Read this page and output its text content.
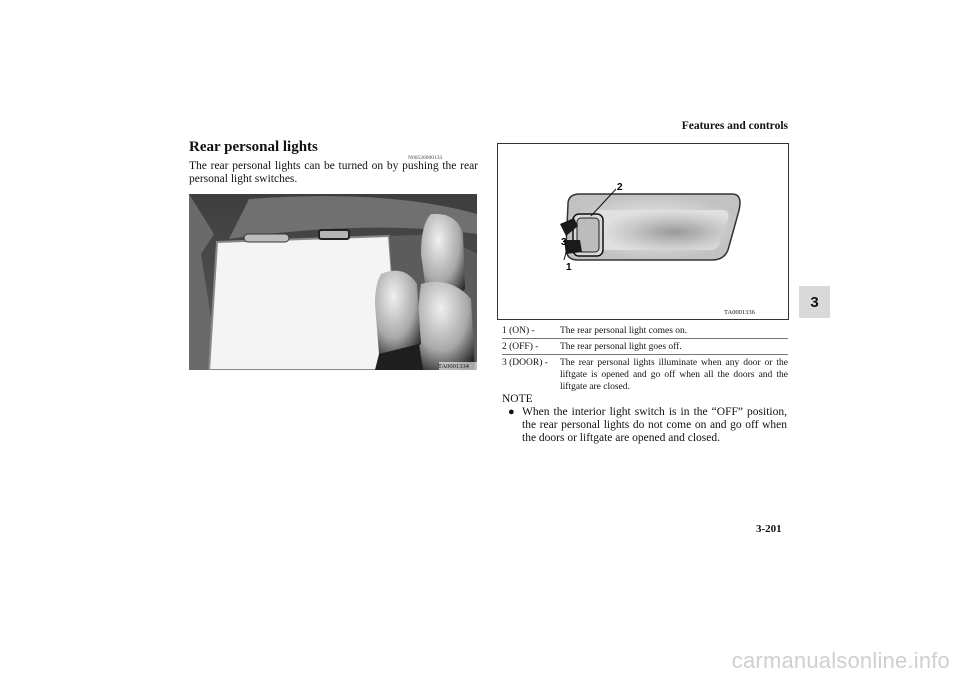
Features and controls
3
Rear personal lights
N00526000133
The rear personal lights can be turned on by pushing the rear personal light switches.
TA0001334
2
3
1
TA0001336
1 (ON) -	The rear personal light comes on.
2 (OFF) -	The rear personal light goes off.
3 (DOOR) -	The rear personal lights illuminate when any door or the liftgate is opened and go off when all the doors and the liftgate are closed.
NOTE
● When the interior light switch is in the “OFF” position, the rear personal lights do not come on and go off when the doors or liftgate are opened and closed.
3-201
carmanualsonline.info
